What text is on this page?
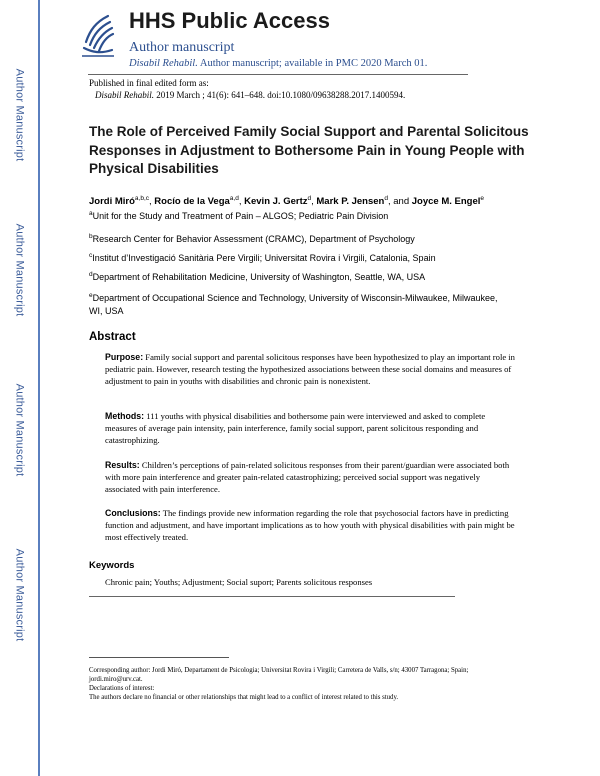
Author Manuscript
Author Manuscript
Author Manuscript
Author Manuscript
HHS Public Access
Author manuscript
Disabil Rehabil. Author manuscript; available in PMC 2020 March 01.
Published in final edited form as:
Disabil Rehabil. 2019 March ; 41(6): 641–648. doi:10.1080/09638288.2017.1400594.
The Role of Perceived Family Social Support and Parental Solicitous Responses in Adjustment to Bothersome Pain in Young People with Physical Disabilities
Jordi Miró$^{a,b,c}$, Rocío de la Vega$^{a,d}$, Kevin J. Gertz$^d$, Mark P. Jensen$^d$, and Joyce M. Engel$^e$
$^a$Unit for the Study and Treatment of Pain – ALGOS; Pediatric Pain Division
$^b$Research Center for Behavior Assessment (CRAMC), Department of Psychology
$^c$Institut d’Investigació Sanitària Pere Virgili; Universitat Rovira i Virgili, Catalonia, Spain
$^d$Department of Rehabilitation Medicine, University of Washington, Seattle, WA, USA
$^e$Department of Occupational Science and Technology, University of Wisconsin-Milwaukee, Milwaukee, WI, USA
Abstract
Purpose: Family social support and parental solicitous responses have been hypothesized to play an important role in pediatric pain. However, research testing the hypothesized associations between these social domains and measures of adjustment to pain in youths with disabilities and chronic pain is nonexistent.
Methods: 111 youths with physical disabilities and bothersome pain were interviewed and asked to complete measures of average pain intensity, pain interference, family social support, parent solicitous responding and catastrophizing.
Results: Children’s perceptions of pain-related solicitous responses from their parent/guardian were associated both with more pain interference and greater pain-related catastrophizing; perceived social support was negatively associated with pain interference.
Conclusions: The findings provide new information regarding the role that psychosocial factors have in predicting function and adjustment, and have important implications as to how youth with physical disabilities with pain might be most effectively treated.
Keywords
Chronic pain; Youths; Adjustment; Social suport; Parents solicitous responses
Corresponding author: Jordi Miró, Departament de Psicologia; Universitat Rovira i Virgili; Carretera de Valls, s/n; 43007 Tarragona; Spain; jordi.miro@urv.cat.
Declarations of interest:
The authors declare no financial or other relationships that might lead to a conflict of interest related to this study.
